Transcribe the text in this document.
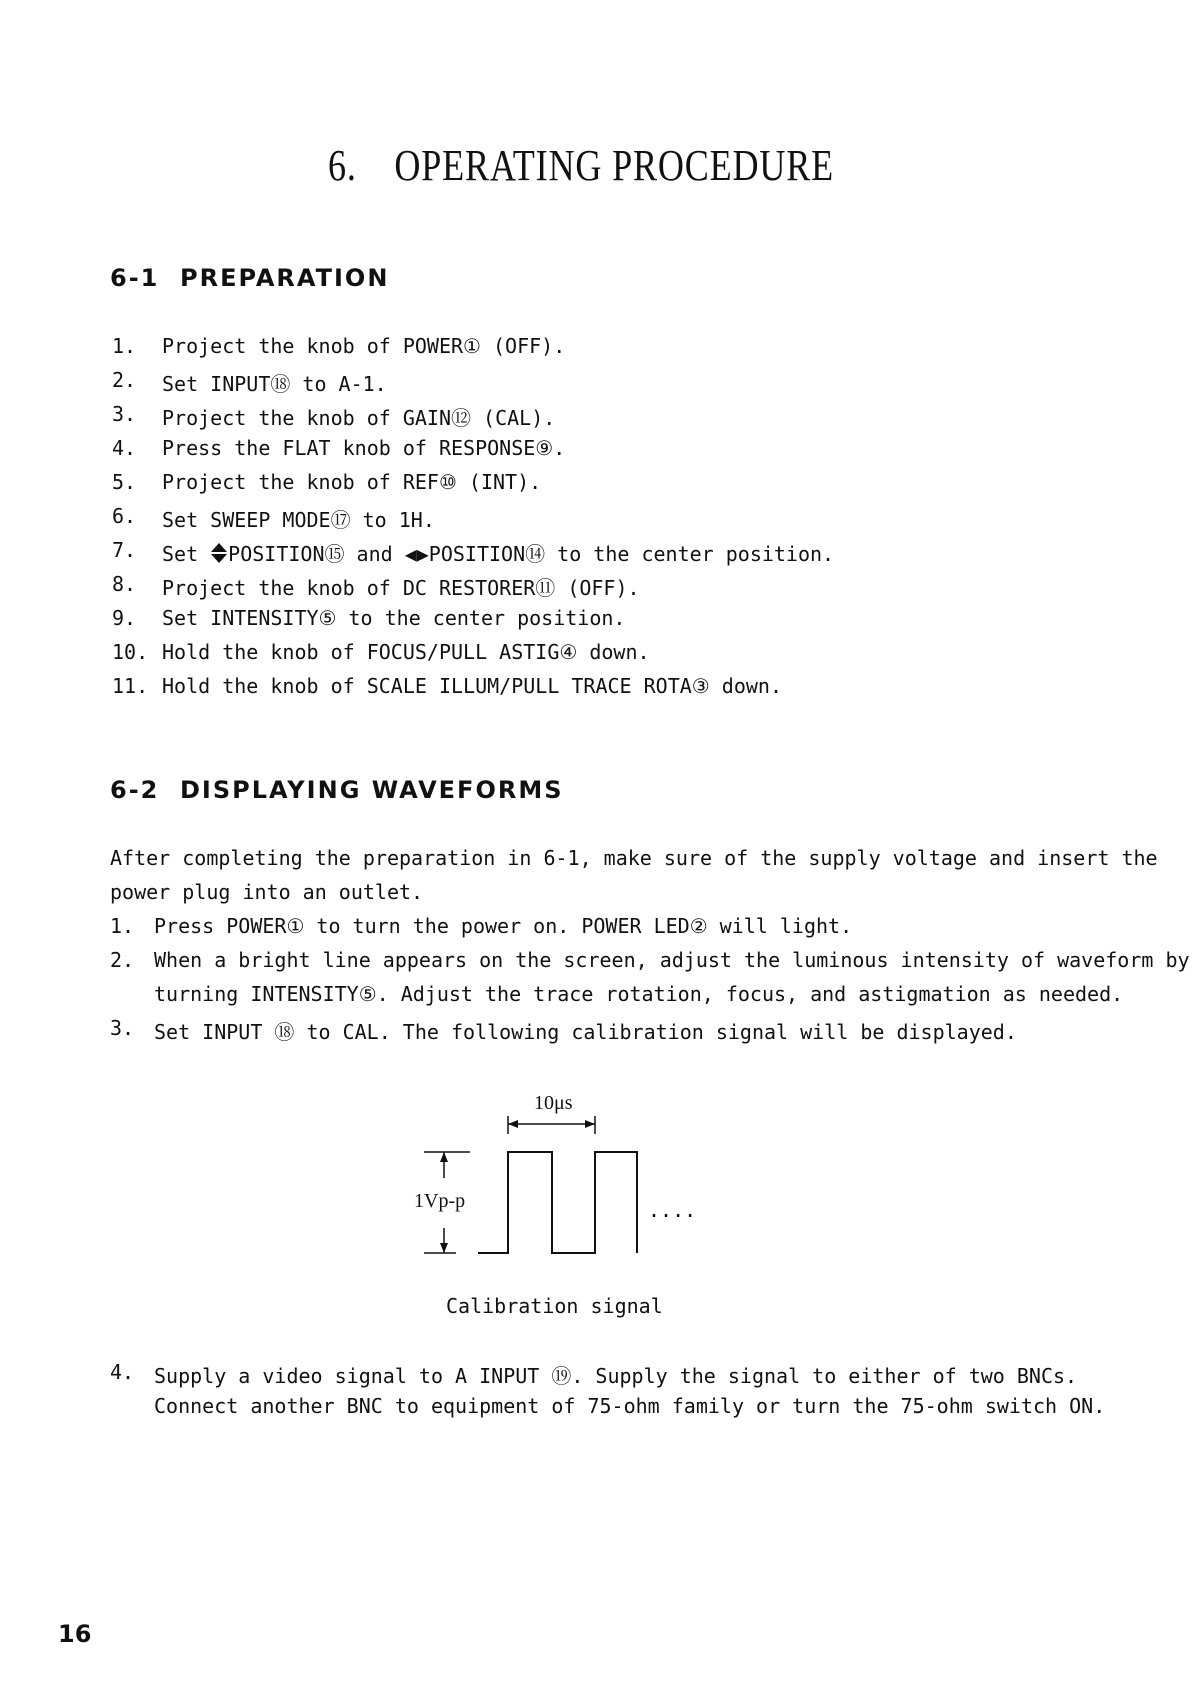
6. OPERATING PROCEDURE
6-1 PREPARATION
1. Project the knob of POWER① (OFF).
2. Set INPUT⑱ to A-1.
3. Project the knob of GAIN⑫ (CAL).
4. Press the FLAT knob of RESPONSE⑨.
5. Project the knob of REF⑩ (INT).
6. Set SWEEP MODE⑰ to 1H.
7. Set POSITION⑮ and ◀▶POSITION⑭ to the center position.
8. Project the knob of DC RESTORER⑪ (OFF).
9. Set INTENSITY⑤ to the center position.
10. Hold the knob of FOCUS/PULL ASTIG④ down.
11. Hold the knob of SCALE ILLUM/PULL TRACE ROTA③ down.
6-2 DISPLAYING WAVEFORMS
After completing the preparation in 6-1, make sure of the supply voltage and insert the
power plug into an outlet.
1. Press POWER① to turn the power on. POWER LED② will light.
2. When a bright line appears on the screen, adjust the luminous intensity of waveform by
turning INTENSITY⑤. Adjust the trace rotation, focus, and astigmation as needed.
3. Set INPUT ⑱ to CAL. The following calibration signal will be displayed.
10μs
1Vp-p	....
Calibration signal
4. Supply a video signal to A INPUT ⑲. Supply the signal to either of two BNCs.
Connect another BNC to equipment of 75-ohm family or turn the 75-ohm switch ON.
16
